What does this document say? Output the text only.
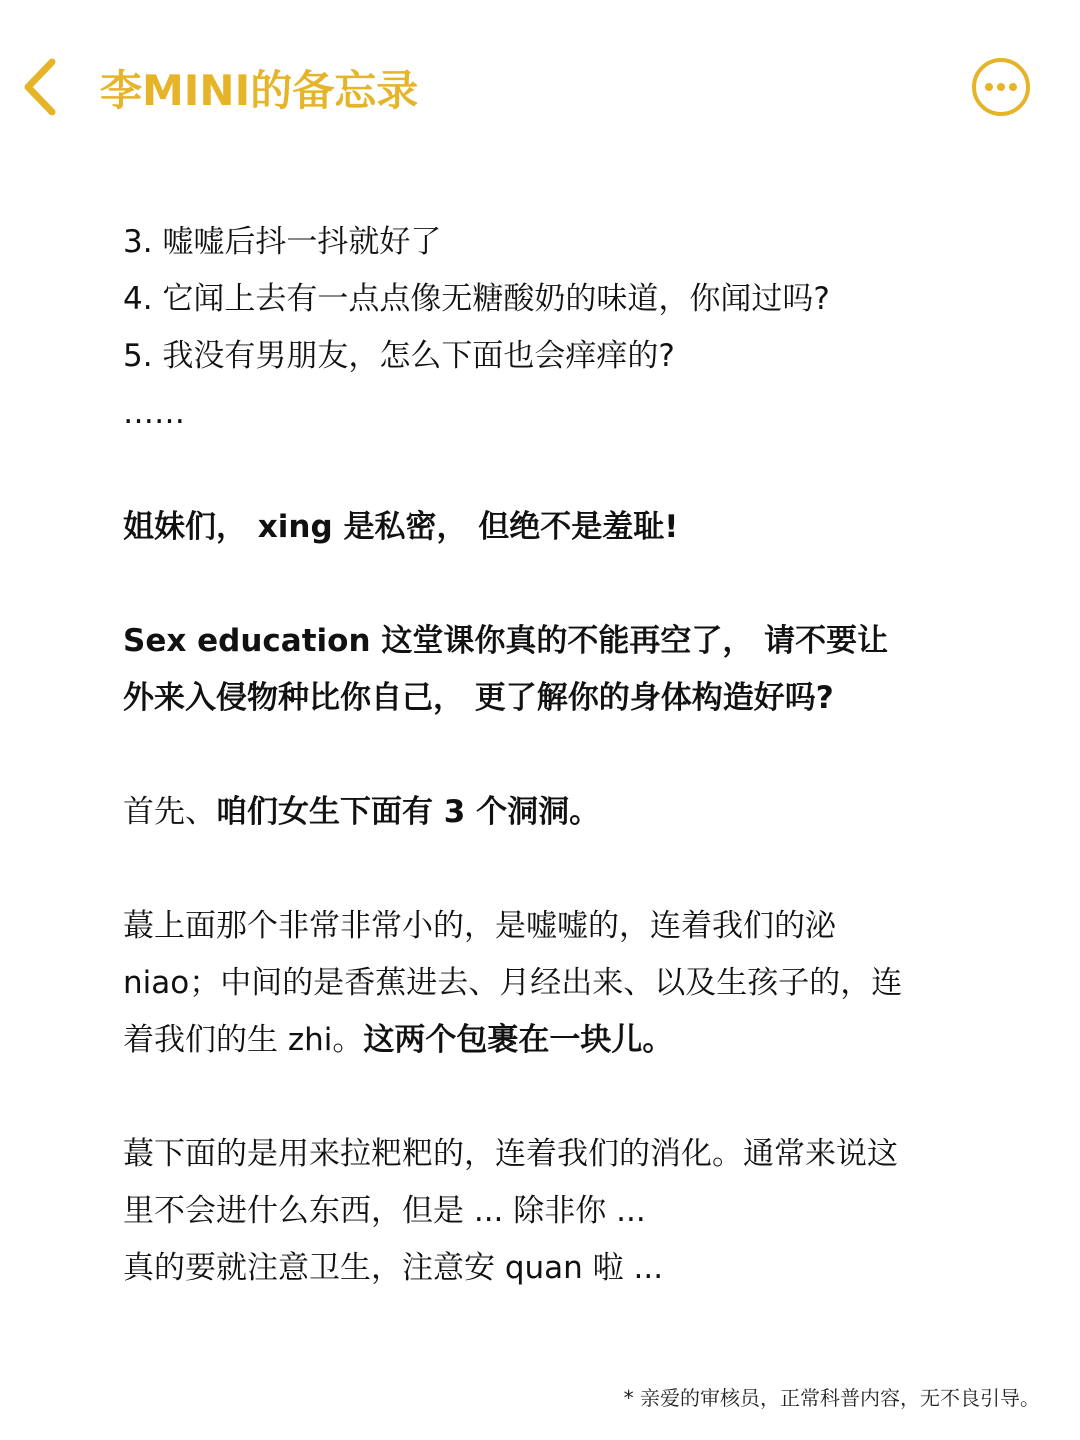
李MINI的备忘录
3. 嘘嘘后抖一抖就好了
4. 它闻上去有一点点像无糖酸奶的味道，你闻过吗?
5. 我没有男朋友，怎么下面也会痒痒的?
……
姐妹们， xing 是私密， 但绝不是羞耻!
Sex education 这堂课你真的不能再空了， 请不要让
外来入侵物种比你自己， 更了解你的身体构造好吗?
首先、咱们女生下面有 3 个洞洞。
蕞上面那个非常非常小的，是嘘嘘的，连着我们的泌
niao；中间的是香蕉进去、月经出来、以及生孩子的，连
着我们的生 zhi。这两个包裹在一块儿。
蕞下面的是用来拉粑粑的，连着我们的消化。通常来说这
里不会进什么东西，但是 ... 除非你 ...
真的要就注意卫生，注意安 quan 啦 ...
* 亲爱的审核员，正常科普内容，无不良引导。
